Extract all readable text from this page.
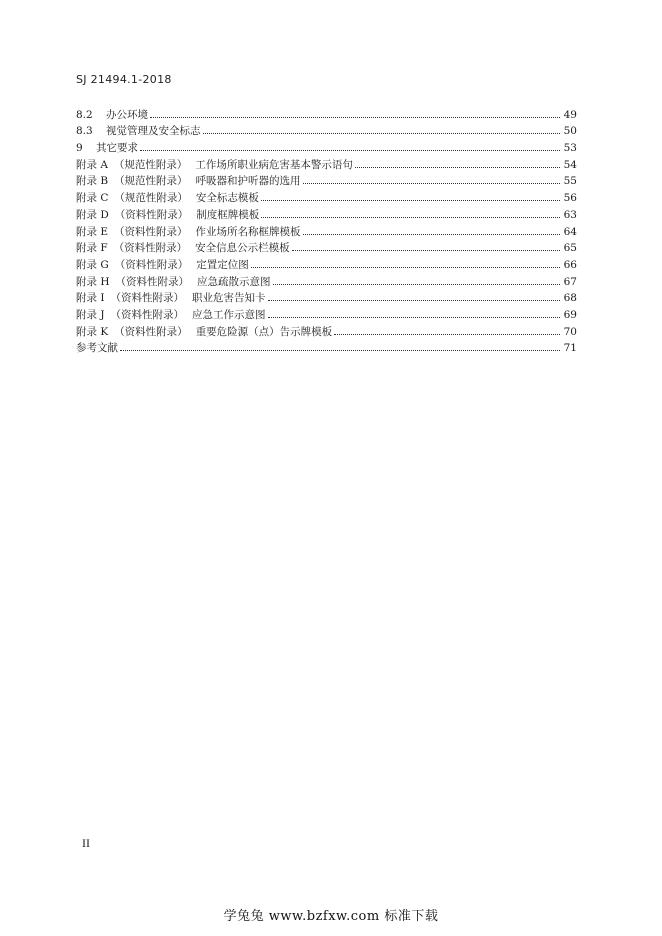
SJ 21494.1-2018
8.2	办公环境	49
8.3	视觉管理及安全标志	50
9	其它要求	53
附录 A （规范性附录） 工作场所职业病危害基本警示语句	54
附录 B （规范性附录） 呼吸器和护听器的选用	55
附录 C （规范性附录） 安全标志模板	56
附录 D （资料性附录） 制度框牌模板	63
附录 E （资料性附录） 作业场所名称框牌模板	64
附录 F （资料性附录） 安全信息公示栏模板	65
附录 G （资料性附录） 定置定位图	66
附录 H （资料性附录） 应急疏散示意图	67
附录 I （资料性附录） 职业危害告知卡	68
附录 J （资料性附录） 应急工作示意图	69
附录 K （资料性附录） 重要危险源（点）告示牌模板	70
参考文献	71
II
学兔兔 www.bzfxw.com 标准下载
